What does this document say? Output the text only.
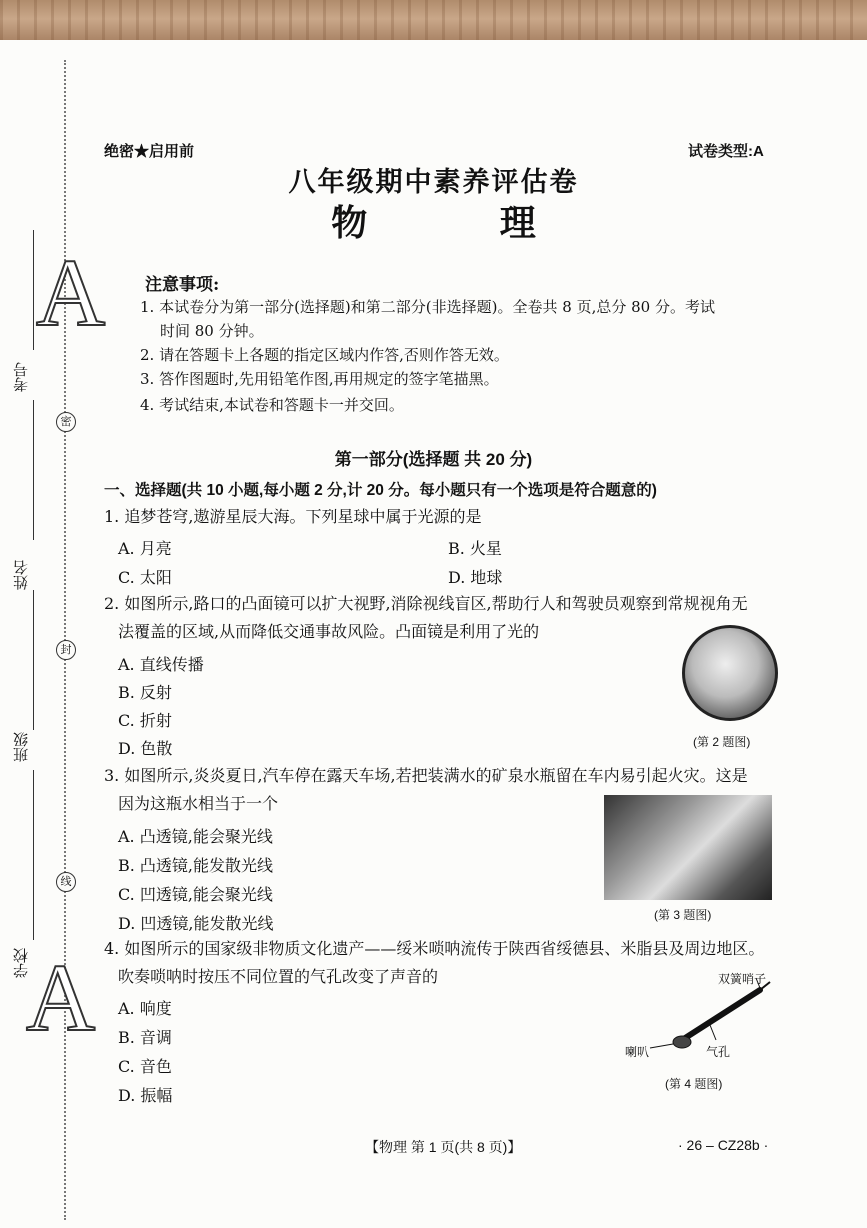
A
A
考号
姓名
班级
学校
密
封
线
绝密★启用前	试卷类型:A
八年级期中素养评估卷
物 理
注意事项:
1. 本试卷分为第一部分(选择题)和第二部分(非选择题)。全卷共 8 页,总分 80 分。考试
时间 80 分钟。
2. 请在答题卡上各题的指定区域内作答,否则作答无效。
3. 答作图题时,先用铅笔作图,再用规定的签字笔描黑。
4. 考试结束,本试卷和答题卡一并交回。
第一部分(选择题 共 20 分)
一、选择题(共 10 小题,每小题 2 分,计 20 分。每小题只有一个选项是符合题意的)
1. 追梦苍穹,遨游星辰大海。下列星球中属于光源的是
A. 月亮	B. 火星
C. 太阳	D. 地球
2. 如图所示,路口的凸面镜可以扩大视野,消除视线盲区,帮助行人和驾驶员观察到常规视角无
法覆盖的区域,从而降低交通事故风险。凸面镜是利用了光的
A. 直线传播
B. 反射
C. 折射
D. 色散	(第 2 题图)
3. 如图所示,炎炎夏日,汽车停在露天车场,若把装满水的矿泉水瓶留在车内易引起火灾。这是
因为这瓶水相当于一个
A. 凸透镜,能会聚光线
B. 凸透镜,能发散光线
C. 凹透镜,能会聚光线
D. 凹透镜,能发散光线	(第 3 题图)
4. 如图所示的国家级非物质文化遗产——绥米唢呐流传于陕西省绥德县、米脂县及周边地区。
吹奏唢呐时按压不同位置的气孔改变了声音的
A. 响度
B. 音调
C. 音色
D. 振幅
双簧哨子
喇叭	气孔
(第 4 题图)
【物理 第 1 页(共 8 页)】	· 26 – CZ28b ·
